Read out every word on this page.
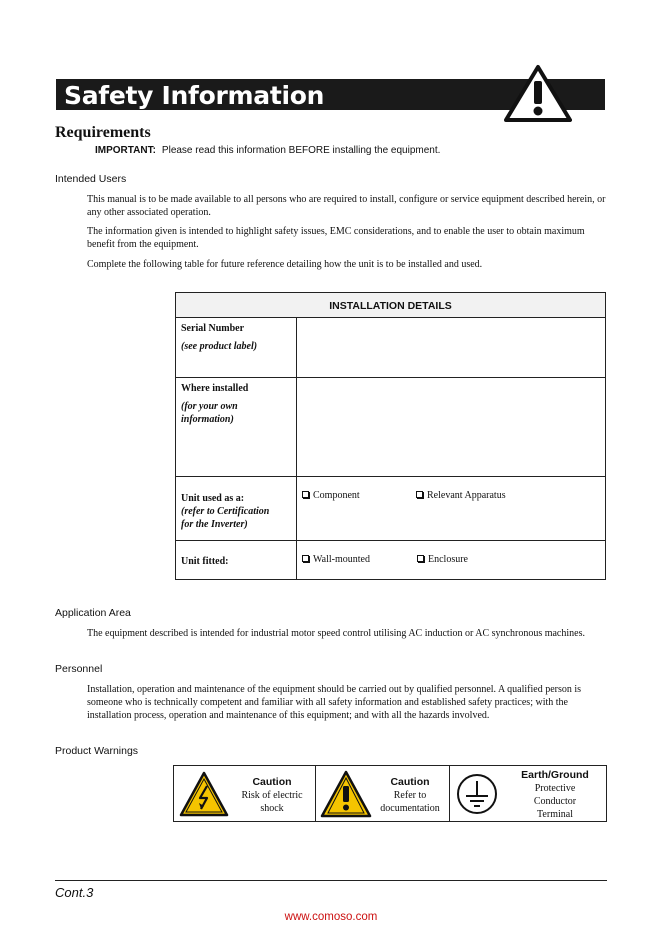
Safety Information
Requirements
IMPORTANT: Please read this information BEFORE installing the equipment.
Intended Users
This manual is to be made available to all persons who are required to install, configure or service equipment described herein, or any other associated operation.
The information given is intended to highlight safety issues, EMC considerations, and to enable the user to obtain maximum benefit from the equipment.
Complete the following table for future reference detailing how the unit is to be installed and used.
INSTALLATION DETAILS
Serial Number

(see product label)
Where installed

(for your own
information)
Unit used as a:
(refer to Certification
for the Inverter)
Unit fitted:
Component	Relevant Apparatus
Wall-mounted	Enclosure
Application Area
The equipment described is intended for industrial motor speed control utilising AC induction or AC synchronous machines.
Personnel
Installation, operation and maintenance of the equipment should be carried out by qualified personnel. A qualified person is someone who is technically competent and familiar with all safety information and established safety practices; with the installation process, operation and maintenance of this equipment; and with all the hazards involved.
Product Warnings
Caution
Risk of electric
shock
Caution
Refer to
documentation
Earth/Ground
Protective
Conductor
Terminal
Cont.3
www.comoso.com
